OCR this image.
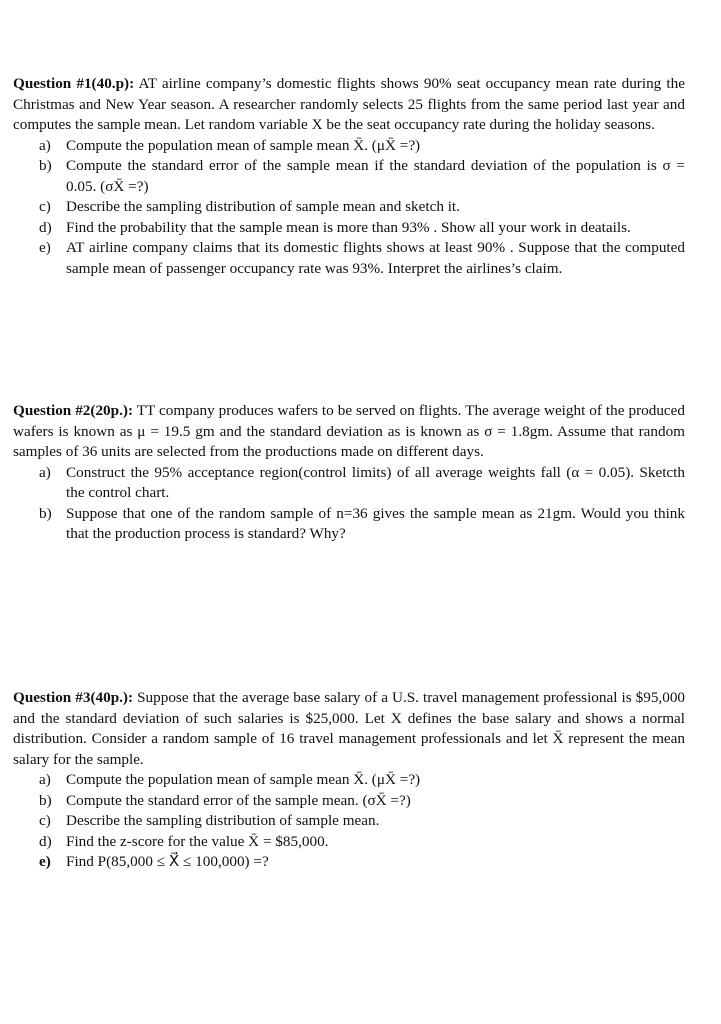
Question #1(40.p): AT airline company’s domestic flights shows 90% seat occupancy mean rate during the Christmas and New Year season. A researcher randomly selects 25 flights from the same period last year and computes the sample mean. Let random variable X be the seat occupancy rate during the holiday seasons.

a) Compute the population mean of sample mean X̄. (μX̄ =?)
b) Compute the standard error of the sample mean if the standard deviation of the population is σ = 0.05. (σX̄ =?)
c) Describe the sampling distribution of sample mean and sketch it.
d) Find the probability that the sample mean is more than 93% . Show all your work in deatails.
e) AT airline company claims that its domestic flights shows at least 90% . Suppose that the computed sample mean of passenger occupancy rate was 93%. Interpret the airlines’s claim.

Question #2(20p.): TT company produces wafers to be served on flights. The average weight of the produced wafers is known as μ = 19.5 gm and the standard deviation as is known as σ = 1.8gm. Assume that random samples of 36 units are selected from the productions made on different days.

a) Construct the 95% acceptance region(control limits) of all average weights fall (α = 0.05). Sketcth the control chart.
b) Suppose that one of the random sample of n=36 gives the sample mean as 21gm. Would you think that the production process is standard? Why?

Question #3(40p.): Suppose that the average base salary of a U.S. travel management professional is $95,000 and the standard deviation of such salaries is $25,000. Let X defines the base salary and shows a normal distribution. Consider a random sample of 16 travel management professionals and let X̄ represent the mean salary for the sample.

a) Compute the population mean of sample mean X̄. (μX̄ =?)
b) Compute the standard error of the sample mean. (σX̄ =?)
c) Describe the sampling distribution of sample mean.
d) Find the z-score for the value X̄ = $85,000.
e) Find P(85,000 ≤ X⃗ ≤ 100,000) =?
